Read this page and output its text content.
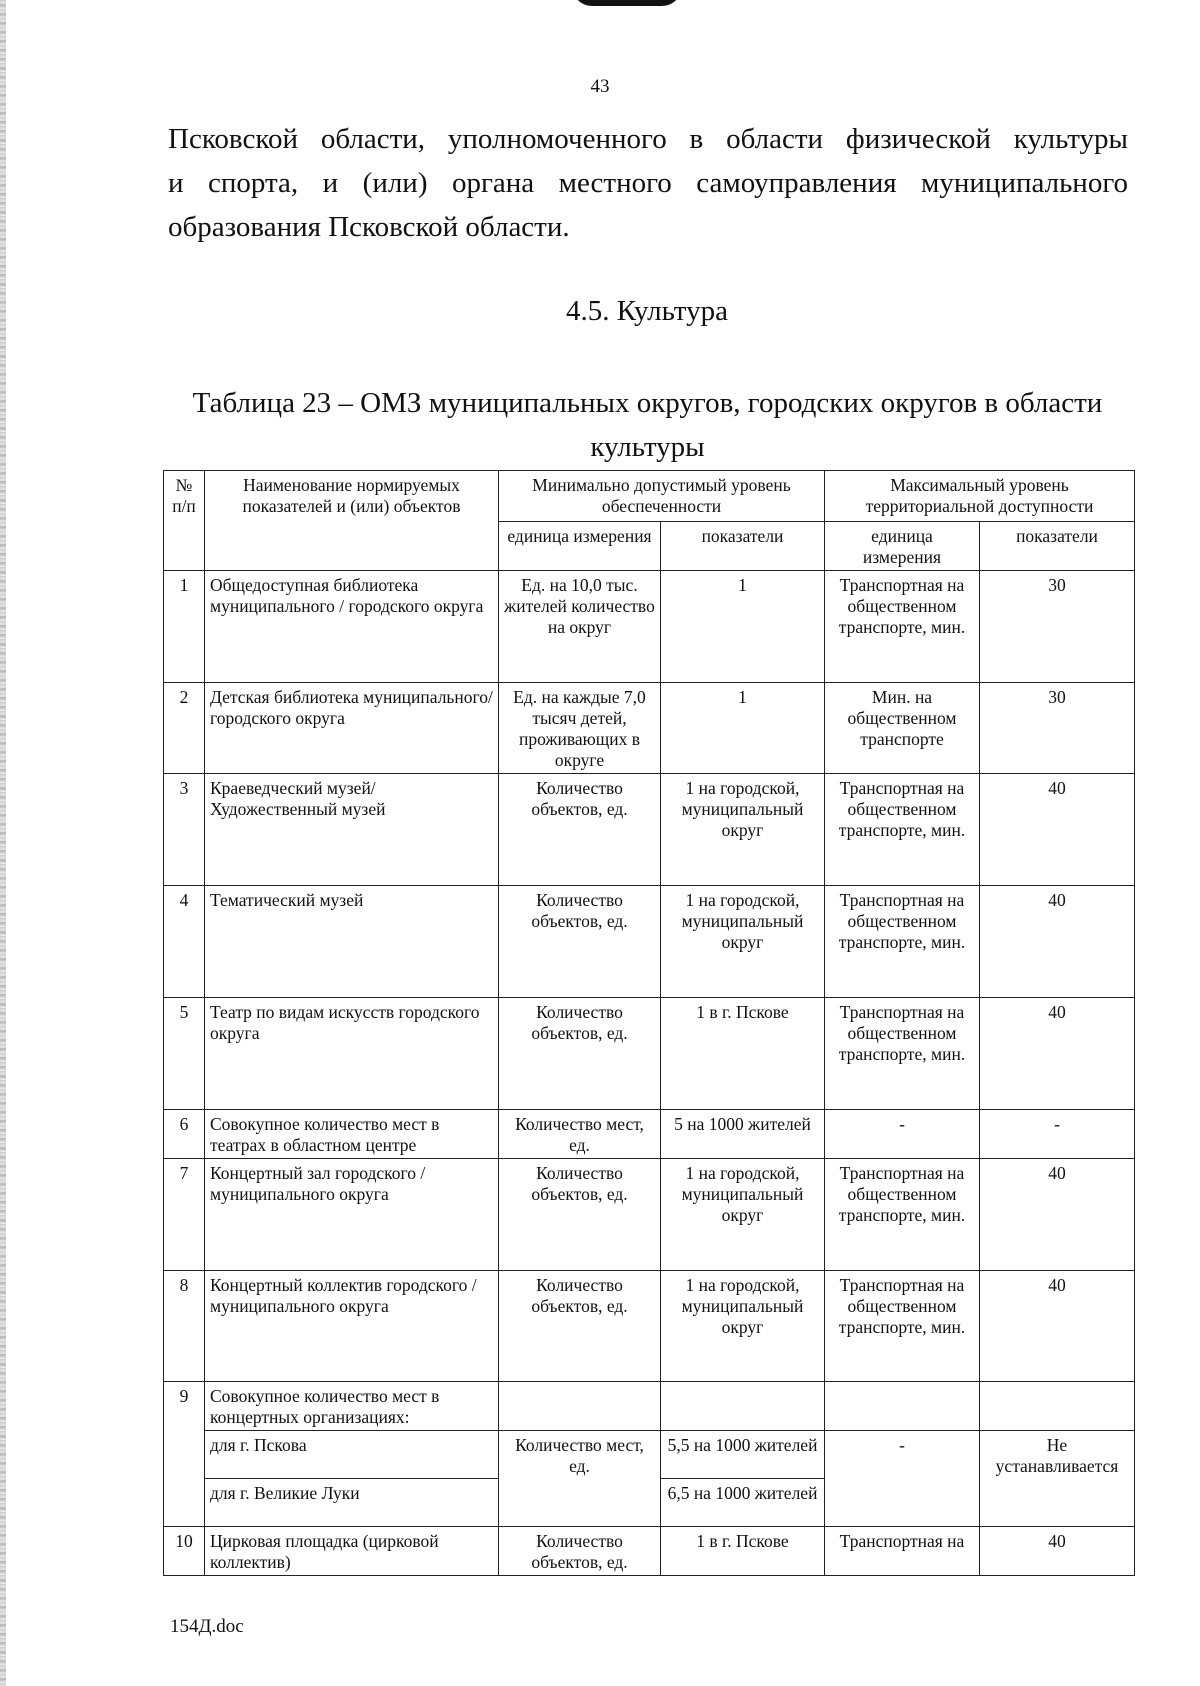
43
Псковской области, уполномоченного в области физической культуры
и спорта, и (или) органа местного самоуправления муниципального
образования Псковской области.
4.5. Культура
Таблица 23 – ОМЗ муниципальных округов, городских округов в области
культуры
№ п/п	Наименование нормируемых показателей и (или) объектов	Минимально допустимый уровень обеспеченности		Максимальный уровень территориальной доступности	
		единица измерения	показатели	единица измерения	показатели
1	Общедоступная библиотека муниципального / городского округа	Ед. на 10,0 тыс. жителей количество на округ	1	Транспортная на общественном транспорте, мин.	30
2	Детская библиотека муниципального/городского округа	Ед. на каждые 7,0 тысяч детей, проживающих в округе	1	Мин. на общественном транспорте	30
3	Краеведческий музей/ Художественный музей	Количество объектов, ед.	1 на городской, муниципальный округ	Транспортная на общественном транспорте, мин.	40
4	Тематический музей	Количество объектов, ед.	1 на городской, муниципальный округ	Транспортная на общественном транспорте, мин.	40
5	Театр по видам искусств городского округа	Количество объектов, ед.	1 в г. Пскове	Транспортная на общественном транспорте, мин.	40
6	Совокупное количество мест в театрах в областном центре	Количество мест, ед.	5 на 1000 жителей	-	-
7	Концертный зал городского / муниципального округа	Количество объектов, ед.	1 на городской, муниципальный округ	Транспортная на общественном транспорте, мин.	40
8	Концертный коллектив городского / муниципального округа	Количество объектов, ед.	1 на городской, муниципальный округ	Транспортная на общественном транспорте, мин.	40
9	Совокупное количество мест в концертных организациях:				
	для г. Пскова	Количество мест, ед.	5,5 на 1000 жителей	-	Не устанавливается
	для г. Великие Луки		6,5 на 1000 жителей		
10	Цирковая площадка (цирковой коллектив)	Количество объектов, ед.	1 в г. Пскове	Транспортная на	40
154Д.doc
